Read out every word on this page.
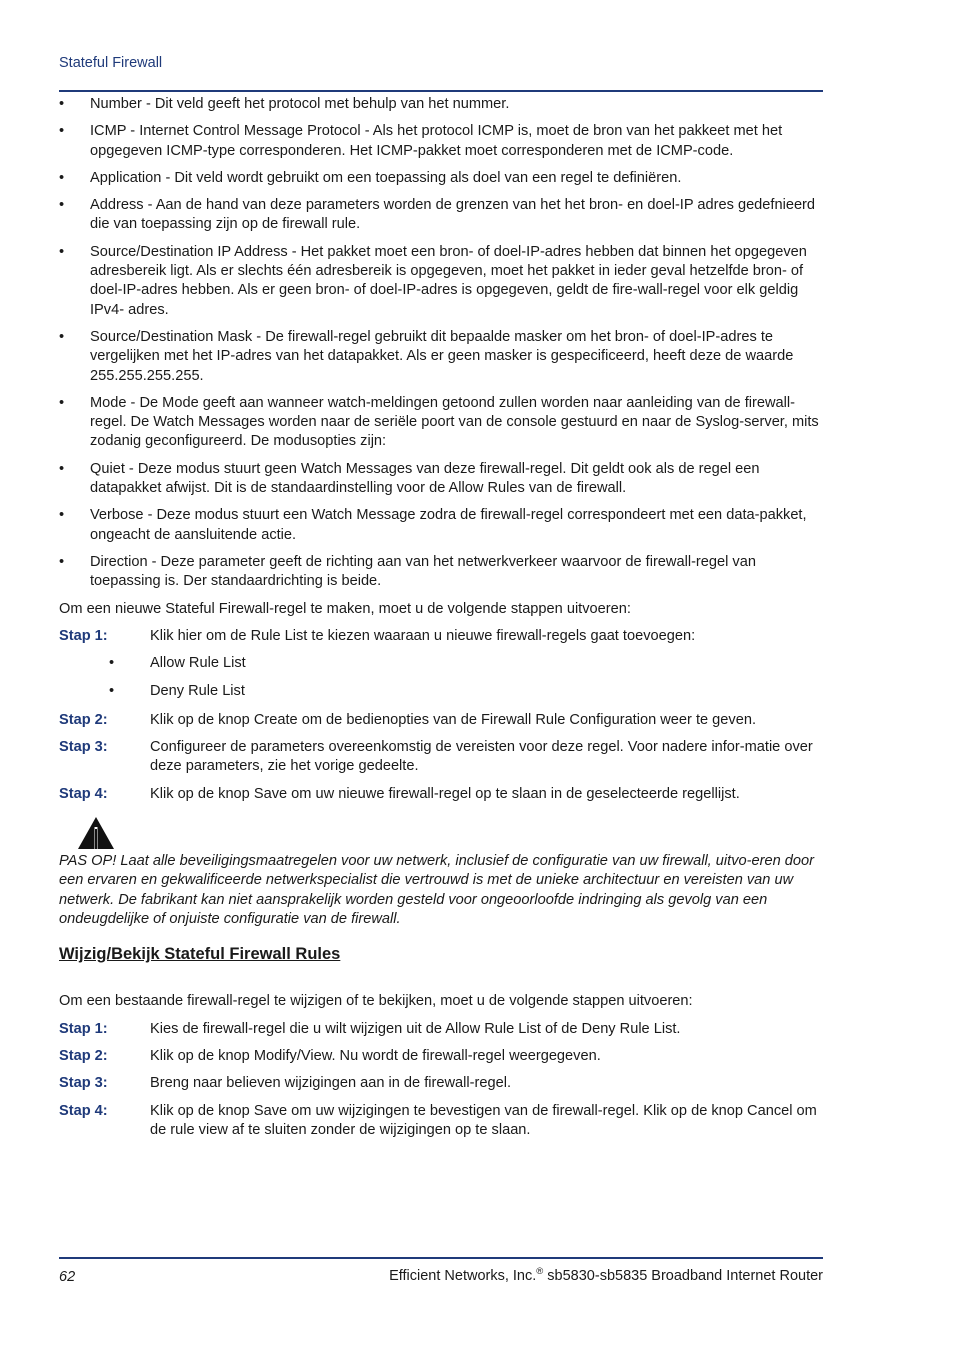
Stateful Firewall
• Number - Dit veld geeft het protocol met behulp van het nummer.
• ICMP - Internet Control Message Protocol - Als het protocol ICMP is, moet de bron van het pakkeet met het opgegeven ICMP-type corresponderen. Het ICMP-pakket moet corresponderen met de ICMP-code.
• Application - Dit veld wordt gebruikt om een toepassing als doel van een regel te definiëren.
• Address - Aan de hand van deze parameters worden de grenzen van het het bron- en doel-IP adres gedefnieerd die van toepassing zijn op de firewall rule.
• Source/Destination IP Address - Het pakket moet een bron- of doel-IP-adres hebben dat binnen het opgegeven adresbereik ligt. Als er slechts één adresbereik is opgegeven, moet het pakket in ieder geval hetzelfde bron- of doel-IP-adres hebben. Als er geen bron- of doel-IP-adres is opgegeven, geldt de fire-wall-regel voor elk geldig IPv4- adres.
• Source/Destination Mask - De firewall-regel gebruikt dit bepaalde masker om het bron- of doel-IP-adres te vergelijken met het IP-adres van het datapakket. Als er geen masker is gespecificeerd, heeft deze de waarde 255.255.255.255.
• Mode - De Mode geeft aan wanneer watch-meldingen getoond zullen worden naar aanleiding van de firewall-regel. De Watch Messages worden naar de seriële poort van de console gestuurd en naar de Syslog-server, mits zodanig geconfigureerd. De modusopties zijn:
• Quiet - Deze modus stuurt geen Watch Messages van deze firewall-regel. Dit geldt ook als de regel een datapakket afwijst. Dit is de standaardinstelling voor de Allow Rules van de firewall.
• Verbose - Deze modus stuurt een Watch Message zodra de firewall-regel correspondeert met een data-pakket, ongeacht de aansluitende actie.
• Direction - Deze parameter geeft de richting aan van het netwerkverkeer waarvoor de firewall-regel van toepassing is. Der standaardrichting is beide.

Om een nieuwe Stateful Firewall-regel te maken, moet u de volgende stappen uitvoeren:

Stap 1:	Klik hier om de Rule List te kiezen waaraan u nieuwe firewall-regels gaat toevoegen:
• Allow Rule List
• Deny Rule List
Stap 2:	Klik op de knop Create om de bedienopties van de Firewall Rule Configuration weer te geven.
Stap 3:	Configureer de parameters overeenkomstig de vereisten voor deze regel. Voor nadere infor-matie over deze parameters, zie het vorige gedeelte.
Stap 4:	Klik op de knop Save om uw nieuwe firewall-regel op te slaan in de geselecteerde regellijst.

PAS OP! Laat alle beveiligingsmaatregelen voor uw netwerk, inclusief de configuratie van uw firewall, uitvo-eren door een ervaren en gekwalificeerde netwerkspecialist die vertrouwd is met de unieke architectuur en vereisten van uw netwerk. De fabrikant kan niet aansprakelijk worden gesteld voor ongeoorloofde indringing als gevolg van een ondeugdelijke of onjuiste configuratie van de firewall.

Wijzig/Bekijk Stateful Firewall Rules

Om een bestaande firewall-regel te wijzigen of te bekijken, moet u de volgende stappen uitvoeren:

Stap 1:	Kies de firewall-regel die u wilt wijzigen uit de Allow Rule List of de Deny Rule List.
Stap 2:	Klik op de knop Modify/View. Nu wordt de firewall-regel weergegeven.
Stap 3:	Breng naar believen wijzigingen aan in de firewall-regel.
Stap 4:	Klik op de knop Save om uw wijzigingen te bevestigen van de firewall-regel. Klik op de knop Cancel om de rule view af te sluiten zonder de wijzigingen op te slaan.
62	Efficient Networks, Inc.® sb5830-sb5835 Broadband Internet Router
